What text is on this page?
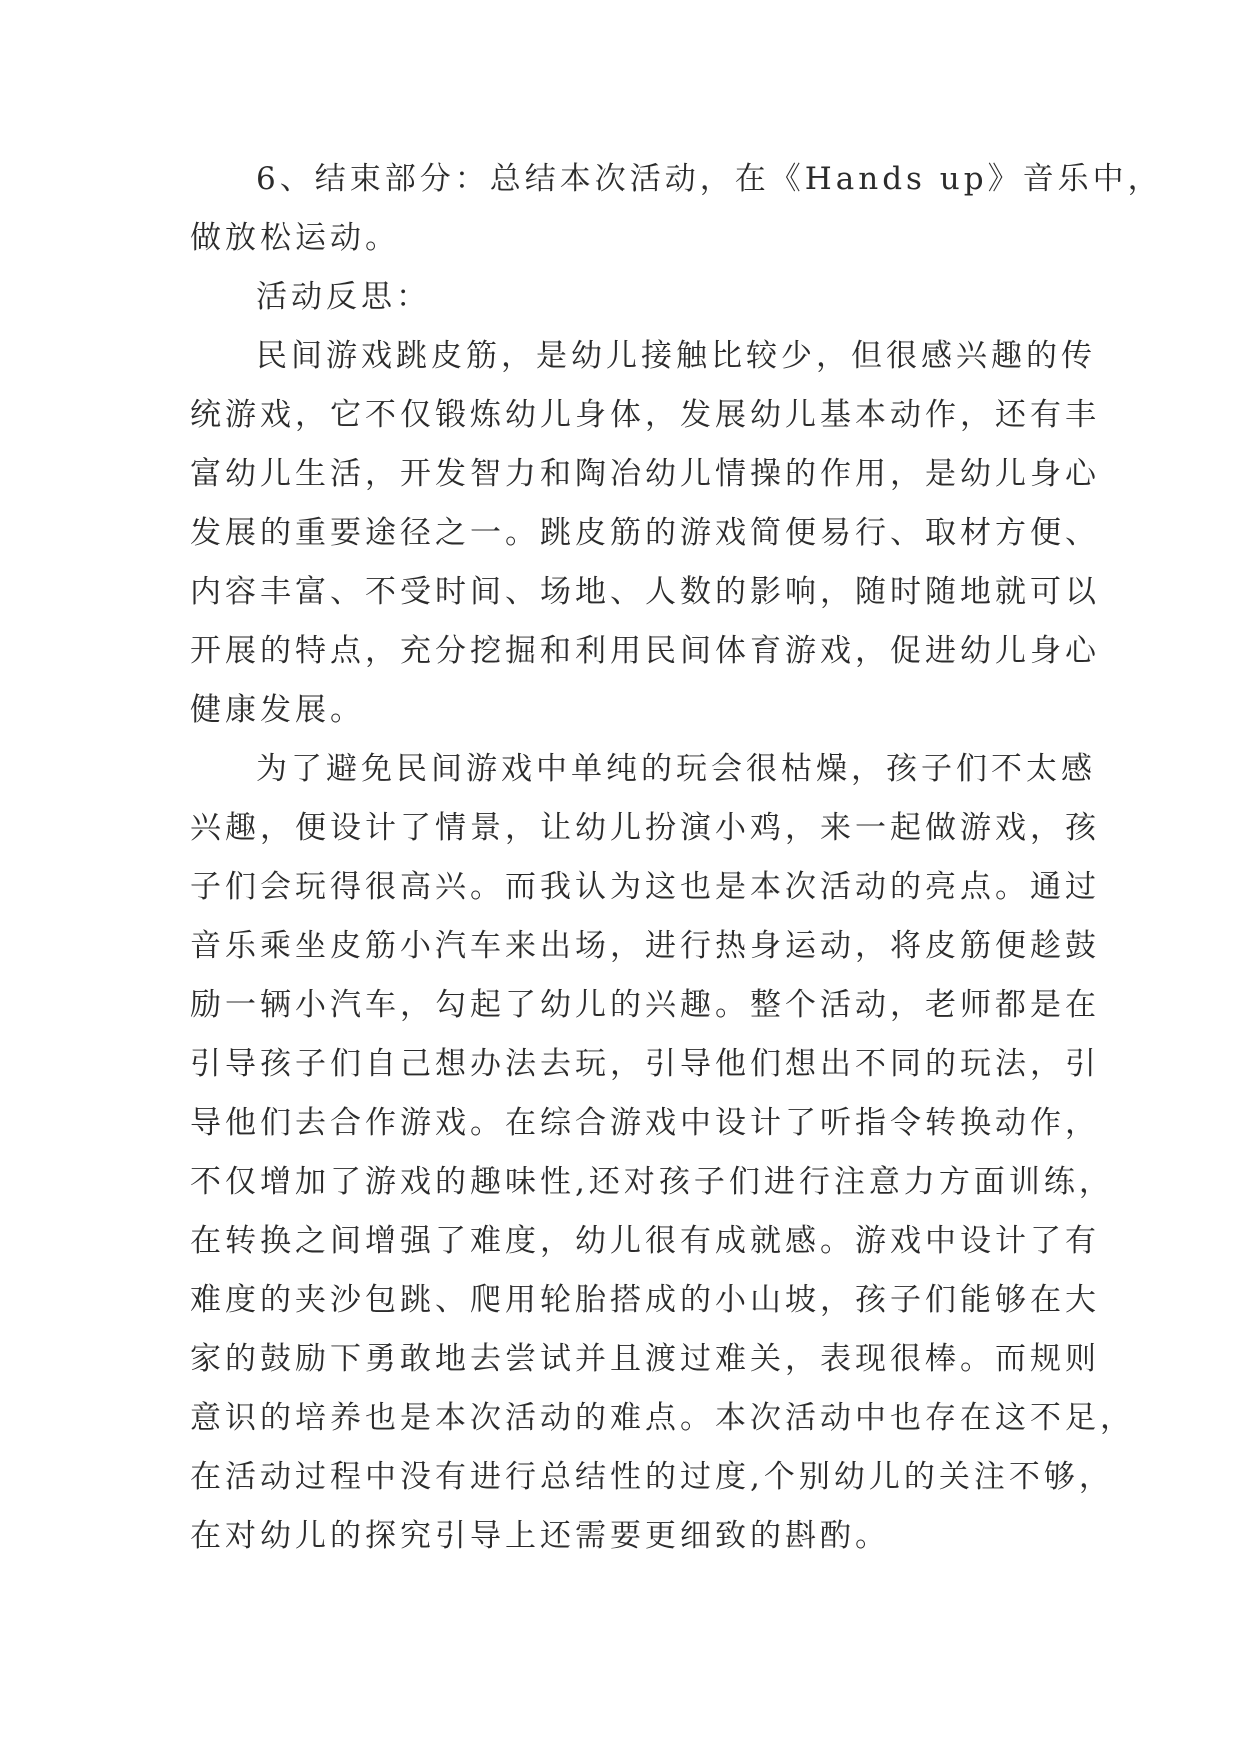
6、结束部分：总结本次活动，在《Hands up》音乐中，
做放松运动。
活动反思：
民间游戏跳皮筋，是幼儿接触比较少，但很感兴趣的传
统游戏，它不仅锻炼幼儿身体，发展幼儿基本动作，还有丰
富幼儿生活，开发智力和陶冶幼儿情操的作用，是幼儿身心
发展的重要途径之一。跳皮筋的游戏简便易行、取材方便、
内容丰富、不受时间、场地、人数的影响，随时随地就可以
开展的特点，充分挖掘和利用民间体育游戏，促进幼儿身心
健康发展。
为了避免民间游戏中单纯的玩会很枯燥，孩子们不太感
兴趣，便设计了情景，让幼儿扮演小鸡，来一起做游戏，孩
子们会玩得很高兴。而我认为这也是本次活动的亮点。通过
音乐乘坐皮筋小汽车来出场，进行热身运动，将皮筋便趁鼓
励一辆小汽车，勾起了幼儿的兴趣。整个活动，老师都是在
引导孩子们自己想办法去玩，引导他们想出不同的玩法，引
导他们去合作游戏。在综合游戏中设计了听指令转换动作，
不仅增加了游戏的趣味性,还对孩子们进行注意力方面训练，
在转换之间增强了难度，幼儿很有成就感。游戏中设计了有
难度的夹沙包跳、爬用轮胎搭成的小山坡，孩子们能够在大
家的鼓励下勇敢地去尝试并且渡过难关，表现很棒。而规则
意识的培养也是本次活动的难点。本次活动中也存在这不足，
在活动过程中没有进行总结性的过度,个别幼儿的关注不够，
在对幼儿的探究引导上还需要更细致的斟酌。
